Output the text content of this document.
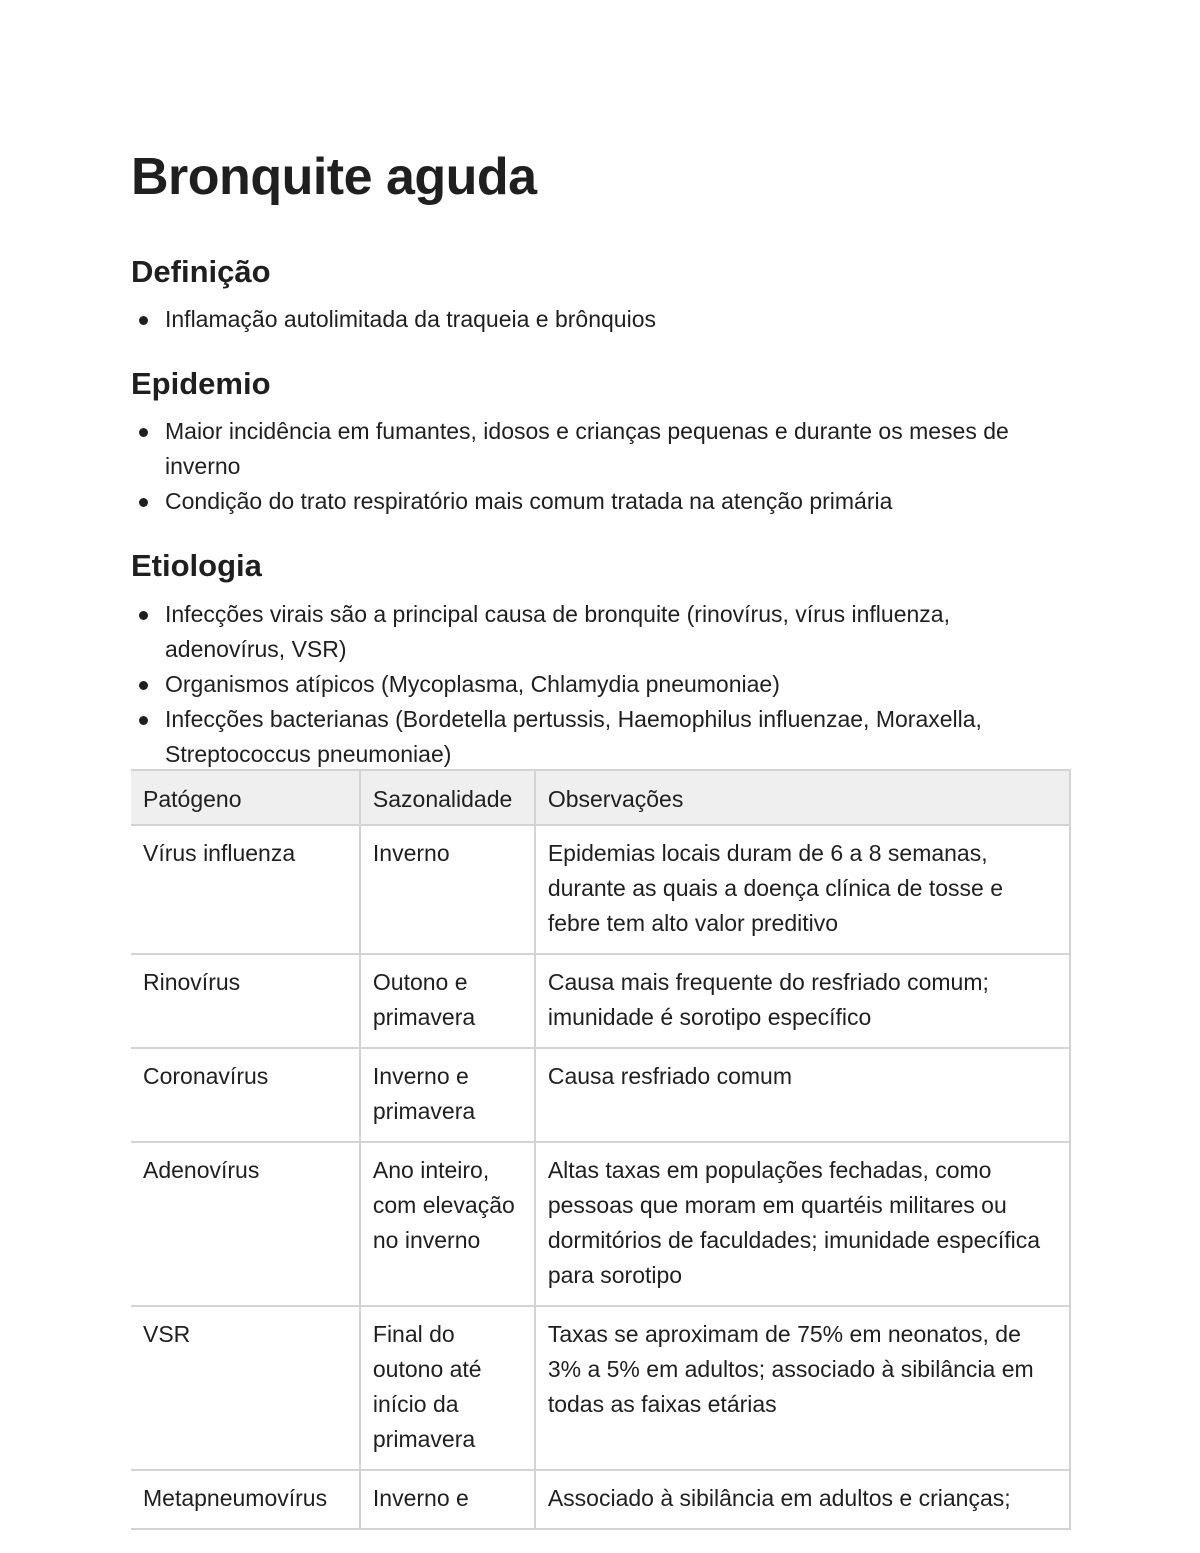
Bronquite aguda
Definição
Inflamação autolimitada da traqueia e brônquios
Epidemio
Maior incidência em fumantes, idosos e crianças pequenas e durante os meses de inverno
Condição do trato respiratório mais comum tratada na atenção primária
Etiologia
Infecções virais são a principal causa de bronquite (rinovírus, vírus influenza, adenovírus, VSR)
Organismos atípicos (Mycoplasma, Chlamydia pneumoniae)
Infecções bacterianas (Bordetella pertussis, Haemophilus influenzae, Moraxella, Streptococcus pneumoniae)
Patógeno	Sazonalidade	Observações
Vírus influenza	Inverno	Epidemias locais duram de 6 a 8 semanas, durante as quais a doença clínica de tosse e febre tem alto valor preditivo
Rinovírus	Outono e primavera	Causa mais frequente do resfriado comum; imunidade é sorotipo específico
Coronavírus	Inverno e primavera	Causa resfriado comum
Adenovírus	Ano inteiro, com elevação no inverno	Altas taxas em populações fechadas, como pessoas que moram em quartéis militares ou dormitórios de faculdades; imunidade específica para sorotipo
VSR	Final do outono até início da primavera	Taxas se aproximam de 75% em neonatos, de 3% a 5% em adultos; associado à sibilância em todas as faixas etárias
Metapneumovírus	Inverno e	Associado à sibilância em adultos e crianças;
